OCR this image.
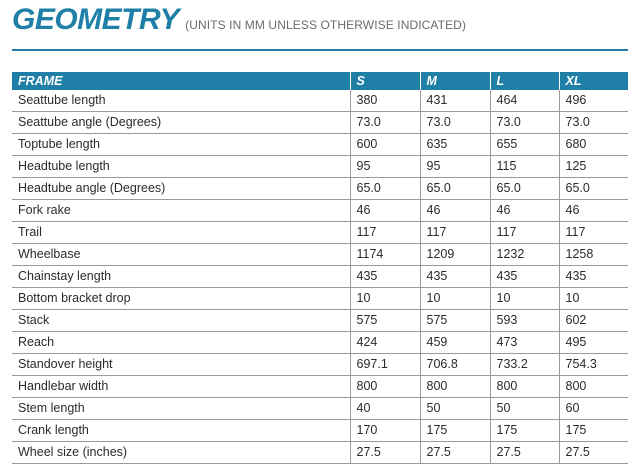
GEOMETRY (UNITS IN MM UNLESS OTHERWISE INDICATED)
FRAME	S	M	L	XL
Seattube length	380	431	464	496
Seattube angle (Degrees)	73.0	73.0	73.0	73.0
Toptube length	600	635	655	680
Headtube length	95	95	115	125
Headtube angle (Degrees)	65.0	65.0	65.0	65.0
Fork rake	46	46	46	46
Trail	117	117	117	117
Wheelbase	1174	1209	1232	1258
Chainstay length	435	435	435	435
Bottom bracket drop	10	10	10	10
Stack	575	575	593	602
Reach	424	459	473	495
Standover height	697.1	706.8	733.2	754.3
Handlebar width	800	800	800	800
Stem length	40	50	50	60
Crank length	170	175	175	175
Wheel size (inches)	27.5	27.5	27.5	27.5
